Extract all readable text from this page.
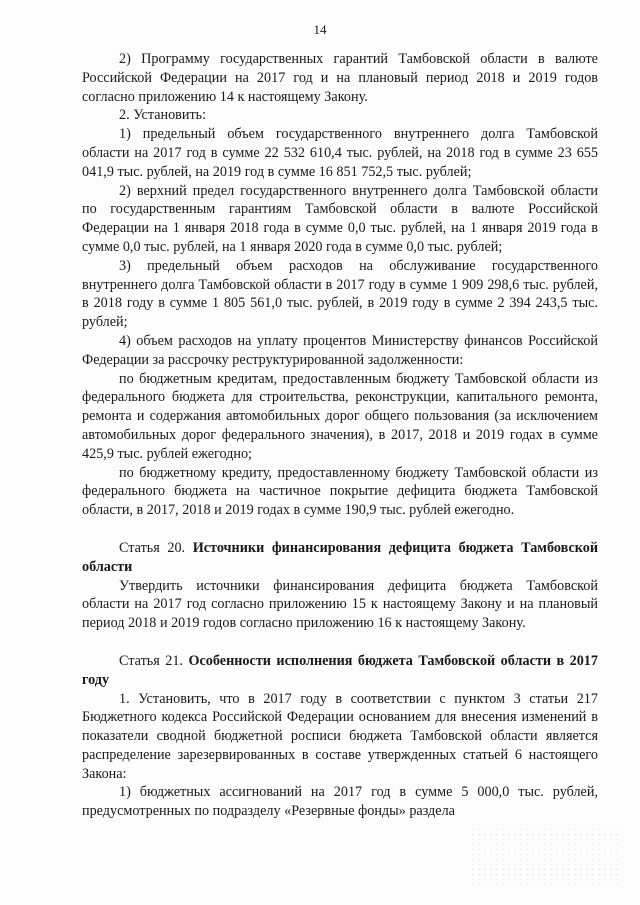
14

2) Программу государственных гарантий Тамбовской области в валюте Российской Федерации на 2017 год и на плановый период 2018 и 2019 годов согласно приложению 14 к настоящему Закону.

2. Установить:

1) предельный объем государственного внутреннего долга Тамбовской области на 2017 год в сумме 22 532 610,4 тыс. рублей, на 2018 год в сумме 23 655 041,9 тыс. рублей, на 2019 год в сумме 16 851 752,5 тыс. рублей;

2) верхний предел государственного внутреннего долга Тамбовской области по государственным гарантиям Тамбовской области в валюте Российской Федерации на 1 января 2018 года в сумме 0,0 тыс. рублей, на 1 января 2019 года в сумме 0,0 тыс. рублей, на 1 января 2020 года в сумме 0,0 тыс. рублей;

3) предельный объем расходов на обслуживание государственного внутреннего долга Тамбовской области в 2017 году в сумме 1 909 298,6 тыс. рублей, в 2018 году в сумме 1 805 561,0 тыс. рублей, в 2019 году в сумме 2 394 243,5 тыс. рублей;

4) объем расходов на уплату процентов Министерству финансов Российской Федерации за рассрочку реструктурированной задолженности:

по бюджетным кредитам, предоставленным бюджету Тамбовской области из федерального бюджета для строительства, реконструкции, капитального ремонта, ремонта и содержания автомобильных дорог общего пользования (за исключением автомобильных дорог федерального значения), в 2017, 2018 и 2019 годах в сумме 425,9 тыс. рублей ежегодно;

по бюджетному кредиту, предоставленному бюджету Тамбовской области из федерального бюджета на частичное покрытие дефицита бюджета Тамбовской области, в 2017, 2018 и 2019 годах в сумме 190,9 тыс. рублей ежегодно.

Статья 20. Источники финансирования дефицита бюджета Тамбовской области

Утвердить источники финансирования дефицита бюджета Тамбовской области на 2017 год согласно приложению 15 к настоящему Закону и на плановый период 2018 и 2019 годов согласно приложению 16 к настоящему Закону.

Статья 21. Особенности исполнения бюджета Тамбовской области в 2017 году

1. Установить, что в 2017 году в соответствии с пунктом 3 статьи 217 Бюджетного кодекса Российской Федерации основанием для внесения изменений в показатели сводной бюджетной росписи бюджета Тамбовской области является распределение зарезервированных в составе утвержденных статьей 6 настоящего Закона:

1) бюджетных ассигнований на 2017 год в сумме 5 000,0 тыс. рублей, предусмотренных по подразделу «Резервные фонды» раздела
